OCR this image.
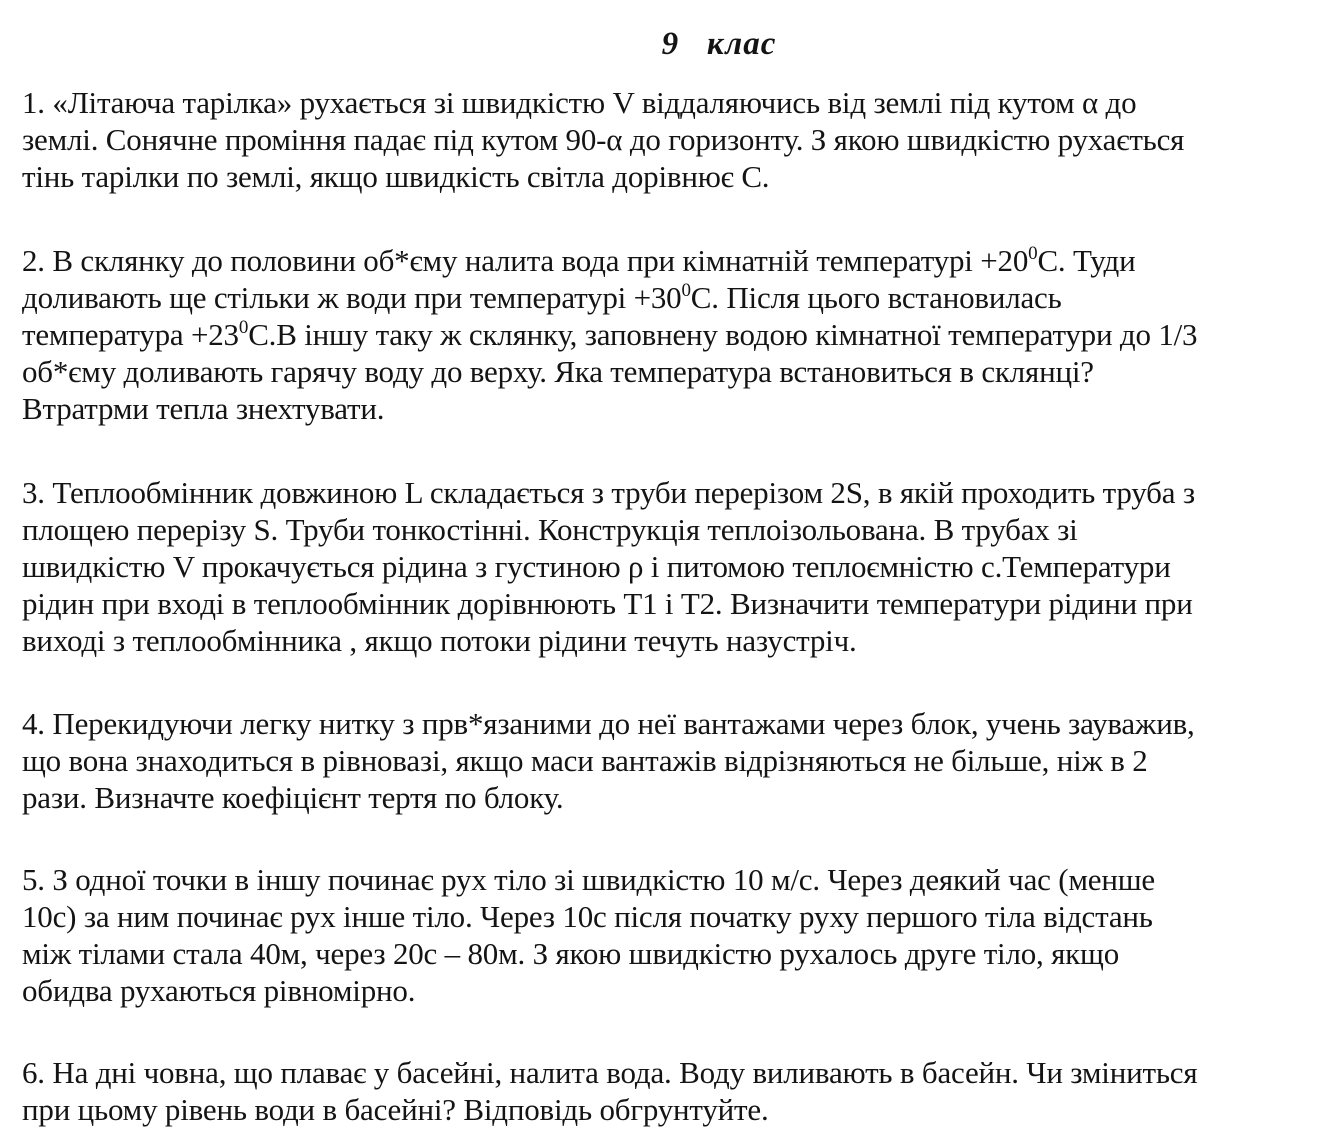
9   клас
1. «Літаюча тарілка» рухається зі швидкістю V віддаляючись від землі під кутом α до
землі. Сонячне проміння падає під кутом 90-α до горизонту. З якою швидкістю рухається
тінь тарілки по землі, якщо швидкість світла дорівнює С.
2. В склянку до половини об*єму налита вода при кімнатній температурі $+20^0С$. Туди
доливають ще стільки ж води при температурі $+30^0С$. Після цього встановилась
температура $+23^0С.В$ іншу таку ж склянку, заповнену водою кімнатної температури до 1/3
об*єму доливають гарячу воду до верху. Яка температура встановиться в склянці?
Втратрми тепла знехтувати.
3. Теплообмінник довжиною L складається з труби перерізом 2S, в якій проходить труба з
площею перерізу S. Труби тонкостінні. Конструкція теплоізольована. В трубах зі
швидкістю V прокачується рідина з густиною ρ і питомою теплоємністю с.Температури
рідин при вході в теплообмінник дорівнюють Т1 і Т2. Визначити температури рідини при
виході з теплообмінника , якщо потоки рідини течуть назустріч.
4. Перекидуючи легку нитку з прв*язаними до неї вантажами через блок, учень зауважив,
що вона знаходиться в рівновазі, якщо маси вантажів відрізняються не більше, ніж в 2
рази. Визначте коефіцієнт тертя по блоку.
5. З одної точки в іншу починає рух тіло зі швидкістю 10 м/с. Через деякий час (менше
10с) за ним починає рух інше тіло. Через 10с після початку руху першого тіла відстань
між тілами стала 40м, через 20с – 80м. З якою швидкістю рухалось друге тіло, якщо
обидва рухаються рівномірно.
6. На дні човна, що плаває у басейні, налита вода. Воду виливають в басейн. Чи зміниться
при цьому рівень води в басейні? Відповідь обгрунтуйте.
